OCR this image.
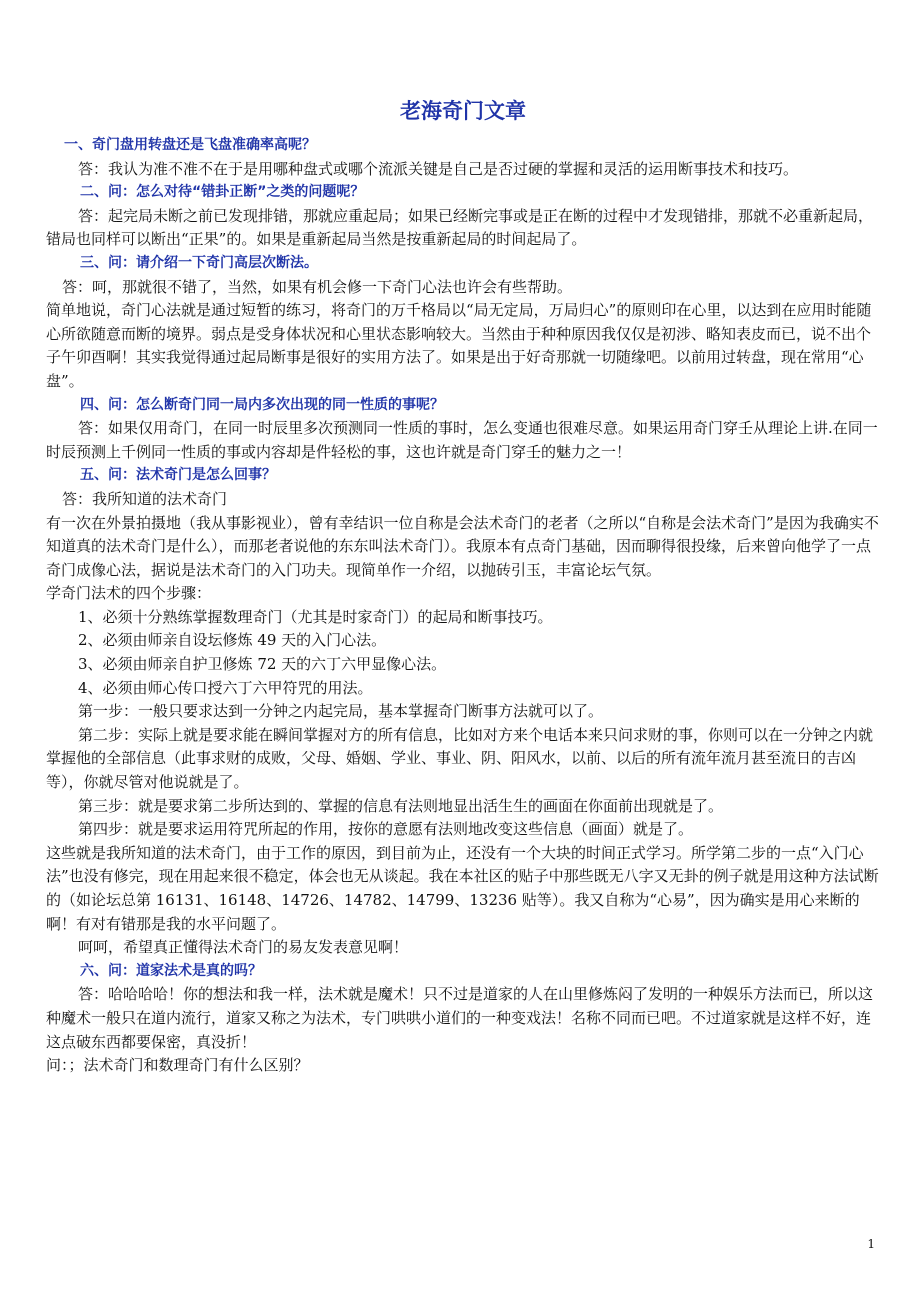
老海奇门文章
一、奇门盘用转盘还是飞盘准确率高呢？

答：我认为准不准不在于是用哪种盘式或哪个流派关键是自己是否过硬的掌握和灵活的运用断事技术和技巧。

二、问：怎么对待“错卦正断”之类的问题呢？

答：起完局未断之前已发现排错，那就应重起局；如果已经断完事或是正在断的过程中才发现错排，那就不必重新起局，错局也同样可以断出“正果”的。如果是重新起局当然是按重新起局的时间起局了。

三、问：请介绍一下奇门高层次断法。

答：呵，那就很不错了，当然，如果有机会修一下奇门心法也许会有些帮助。

简单地说，奇门心法就是通过短暂的练习，将奇门的万千格局以“局无定局，万局归心”的原则印在心里，以达到在应用时能随心所欲随意而断的境界。弱点是受身体状况和心里状态影响较大。当然由于种种原因我仅仅是初涉、略知表皮而已，说不出个子午卯酉啊！其实我觉得通过起局断事是很好的实用方法了。如果是出于好奇那就一切随缘吧。以前用过转盘，现在常用“心盘”。

四、问：怎么断奇门同一局内多次出现的同一性质的事呢？

答：如果仅用奇门，在同一时辰里多次预测同一性质的事时，怎么变通也很难尽意。如果运用奇门穿壬从理论上讲.在同一时辰预测上千例同一性质的事或内容却是件轻松的事，这也许就是奇门穿壬的魅力之一！

五、问：法术奇门是怎么回事？

答：我所知道的法术奇门

有一次在外景拍摄地（我从事影视业），曾有幸结识一位自称是会法术奇门的老者（之所以“自称是会法术奇门”是因为我确实不知道真的法术奇门是什么），而那老者说他的东东叫法术奇门）。我原本有点奇门基础，因而聊得很投缘，后来曾向他学了一点奇门成像心法，据说是法术奇门的入门功夫。现简单作一介绍，以抛砖引玉，丰富论坛气氛。

学奇门法术的四个步骤：

1、必须十分熟练掌握数理奇门（尤其是时家奇门）的起局和断事技巧。

2、必须由师亲自设坛修炼 49 天的入门心法。

3、必须由师亲自护卫修炼 72 天的六丁六甲显像心法。

4、必须由师心传口授六丁六甲符咒的用法。

第一步：一般只要求达到一分钟之内起完局，基本掌握奇门断事方法就可以了。

第二步：实际上就是要求能在瞬间掌握对方的所有信息，比如对方来个电话本来只问求财的事，你则可以在一分钟之内就掌握他的全部信息（此事求财的成败，父母、婚姻、学业、事业、阴、阳风水，以前、以后的所有流年流月甚至流日的吉凶等），你就尽管对他说就是了。

第三步：就是要求第二步所达到的、掌握的信息有法则地显出活生生的画面在你面前出现就是了。

第四步：就是要求运用符咒所起的作用，按你的意愿有法则地改变这些信息（画面）就是了。

这些就是我所知道的法术奇门，由于工作的原因，到目前为止，还没有一个大块的时间正式学习。所学第二步的一点“入门心法”也没有修完，现在用起来很不稳定，体会也无从谈起。我在本社区的贴子中那些既无八字又无卦的例子就是用这种方法试断的（如论坛总第 16131、16148、14726、14782、14799、13236 贴等）。我又自称为“心易”，因为确实是用心来断的啊！有对有错那是我的水平问题了。

呵呵，希望真正懂得法术奇门的易友发表意见啊！

六、问：道家法术是真的吗？

答：哈哈哈哈！你的想法和我一样，法术就是魔术！只不过是道家的人在山里修炼闷了发明的一种娱乐方法而已，所以这种魔术一般只在道内流行，道家又称之为法术，专门哄哄小道们的一种变戏法！名称不同而已吧。不过道家就是这样不好，连这点破东西都要保密，真没折！

问：；法术奇门和数理奇门有什么区别？

1
